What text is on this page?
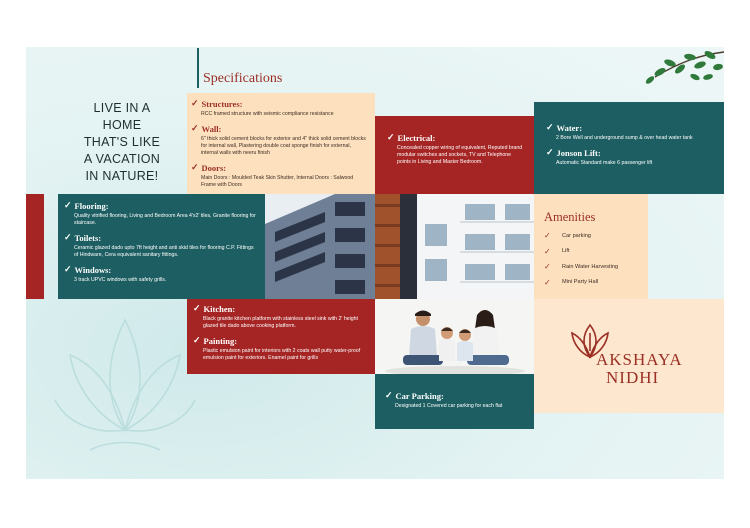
Specifications
LIVE IN A
HOME
THAT'S LIKE
A VACATION
IN NATURE!
✓ Structures:
RCC framed structure with seismic compliance resistance
✓ Wall:
6" thick solid cement blocks for exterior and 4" thick solid cement blocks for internal wall, Plastering double coat sponge finish for external, internal walls with neeru finish
✓ Doors:
Main Doors : Moulded Teak Skin Shutter, Internal Doors : Salwood Frame with Doors
✓ Electrical:
Concealed copper wiring of equivalent, Reputed brand modular switches and sockets, TV and Telephone points in Living and Master Bedroom.
✓ Water:
2 Bore Well and underground sump & over head water tank
✓ Jonson Lift:
Automatic Standard make 6 passenger lift
✓ Flooring:
Quality vitrified flooring, Living and Bedroom Area 4'x2' tiles, Granite flooring for staircase.
✓ Toilets:
Ceramic glazed dado upto 7ft height and anti skid tiles for flooring C.P. Fittings of Hindware, Cera equivalent sanitary fittings.
✓ Windows:
3 track UPVC windows with safety grills.
Amenities
✓	Car parking
✓	Lift
✓	Rain Water Harvesting
✓	Mini Party Hall
✓ Kitchen:
Black granite kitchen platform with stainless steel sink with 2' height glazed tile dado above cooking platform.
✓ Painting:
Plastic emulsion paint for interiors with 2 coats wall putty water-proof emulsion paint for exteriors. Enamel paint for grills	AKSHAYA
NIDHI
✓ Car Parking:
Designated 1 Covered car parking for each flat
